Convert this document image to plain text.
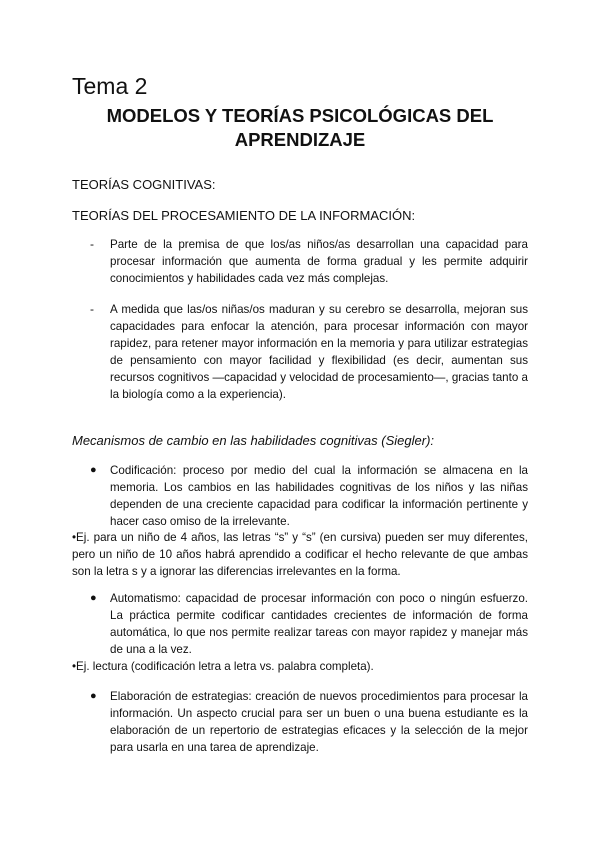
Tema 2
MODELOS Y TEORÍAS PSICOLÓGICAS DEL
APRENDIZAJE

TEORÍAS COGNITIVAS:

TEORÍAS DEL PROCESAMIENTO DE LA INFORMACIÓN:

-	Parte de la premisa de que los/as niños/as desarrollan una capacidad para procesar información que aumenta de forma gradual y les permite adquirir conocimientos y habilidades cada vez más complejas.

-	A medida que las/os niñas/os maduran y su cerebro se desarrolla, mejoran sus capacidades para enfocar la atención, para procesar información con mayor rapidez, para retener mayor información en la memoria y para utilizar estrategias de pensamiento con mayor facilidad y flexibilidad (es decir, aumentan sus recursos cognitivos —capacidad y velocidad de procesamiento—, gracias tanto a la biología como a la experiencia).

Mecanismos de cambio en las habilidades cognitivas (Siegler):

●	Codificación: proceso por medio del cual la información se almacena en la memoria. Los cambios en las habilidades cognitivas de los niños y las niñas dependen de una creciente capacidad para codificar la información pertinente y hacer caso omiso de la irrelevante.

•Ej. para un niño de 4 años, las letras “s” y “s” (en cursiva) pueden ser muy diferentes, pero un niño de 10 años habrá aprendido a codificar el hecho relevante de que ambas son la letra s y a ignorar las diferencias irrelevantes en la forma.

●	Automatismo: capacidad de procesar información con poco o ningún esfuerzo. La práctica permite codificar cantidades crecientes de información de forma automática, lo que nos permite realizar tareas con mayor rapidez y manejar más de una a la vez.

•Ej. lectura (codificación letra a letra vs. palabra completa).

●	Elaboración de estrategias: creación de nuevos procedimientos para procesar la información. Un aspecto crucial para ser un buen o una buena estudiante es la elaboración de un repertorio de estrategias eficaces y la selección de la mejor para usarla en una tarea de aprendizaje.
